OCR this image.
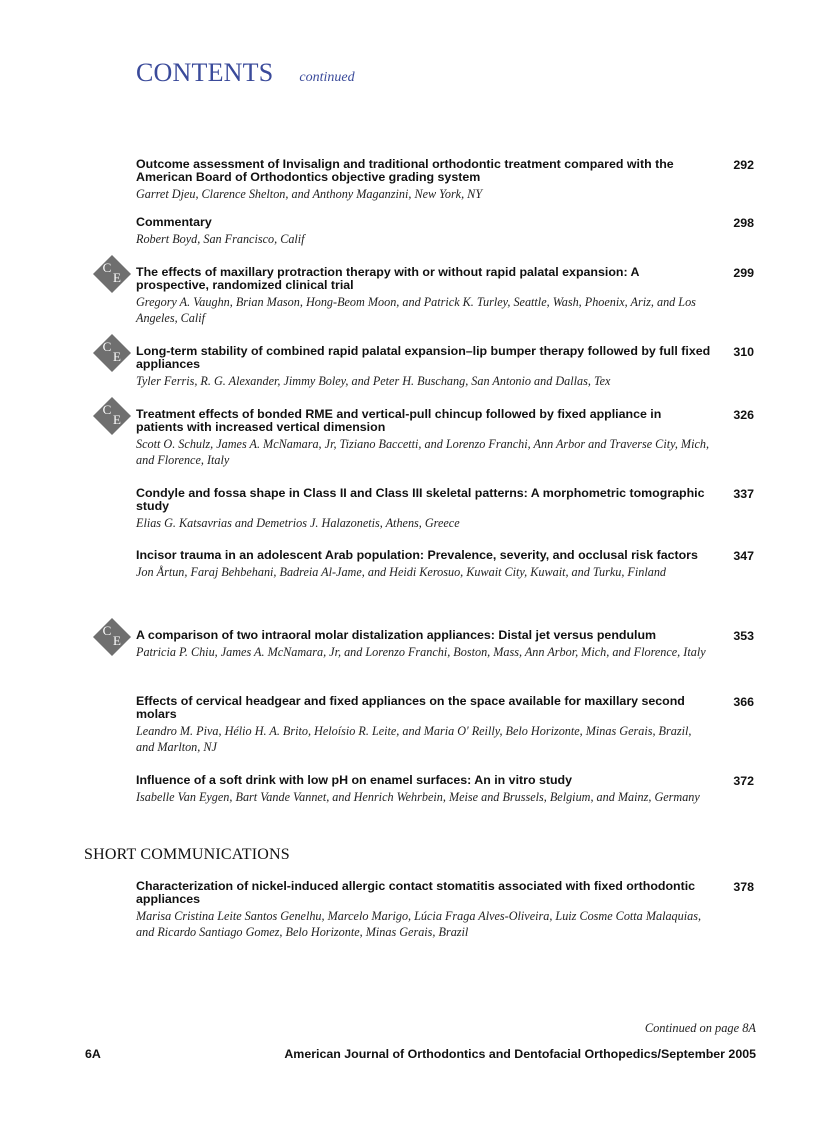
CONTENTS continued
Outcome assessment of Invisalign and traditional orthodontic treatment compared with the American Board of Orthodontics objective grading system
Garret Djeu, Clarence Shelton, and Anthony Maganzini, New York, NY
292
Commentary
Robert Boyd, San Francisco, Calif
298
C
E The effects of maxillary protraction therapy with or without rapid palatal expansion: A prospective, randomized clinical trial
Gregory A. Vaughn, Brian Mason, Hong-Beom Moon, and Patrick K. Turley, Seattle, Wash, Phoenix, Ariz, and Los Angeles, Calif
299
C
E Long-term stability of combined rapid palatal expansion–lip bumper therapy followed by full fixed appliances
Tyler Ferris, R. G. Alexander, Jimmy Boley, and Peter H. Buschang, San Antonio and Dallas, Tex
310
C
E Treatment effects of bonded RME and vertical-pull chincup followed by fixed appliance in patients with increased vertical dimension
Scott O. Schulz, James A. McNamara, Jr, Tiziano Baccetti, and Lorenzo Franchi, Ann Arbor and Traverse City, Mich, and Florence, Italy
326
Condyle and fossa shape in Class II and Class III skeletal patterns: A morphometric tomographic study
Elias G. Katsavrias and Demetrios J. Halazonetis, Athens, Greece
337
Incisor trauma in an adolescent Arab population: Prevalence, severity, and occlusal risk factors
Jon Årtun, Faraj Behbehani, Badreia Al-Jame, and Heidi Kerosuo, Kuwait City, Kuwait, and Turku, Finland
347
C
E A comparison of two intraoral molar distalization appliances: Distal jet versus pendulum
Patricia P. Chiu, James A. McNamara, Jr, and Lorenzo Franchi, Boston, Mass, Ann Arbor, Mich, and Florence, Italy
353
Effects of cervical headgear and fixed appliances on the space available for maxillary second molars
Leandro M. Piva, Hélio H. A. Brito, Heloísio R. Leite, and Maria O' Reilly, Belo Horizonte, Minas Gerais, Brazil, and Marlton, NJ
366
Influence of a soft drink with low pH on enamel surfaces: An in vitro study
Isabelle Van Eygen, Bart Vande Vannet, and Henrich Wehrbein, Meise and Brussels, Belgium, and Mainz, Germany
372
SHORT COMMUNICATIONS
Characterization of nickel-induced allergic contact stomatitis associated with fixed orthodontic appliances
Marisa Cristina Leite Santos Genelhu, Marcelo Marigo, Lúcia Fraga Alves-Oliveira, Luiz Cosme Cotta Malaquias, and Ricardo Santiago Gomez, Belo Horizonte, Minas Gerais, Brazil
378
Continued on page 8A
6A	American Journal of Orthodontics and Dentofacial Orthopedics/September 2005
